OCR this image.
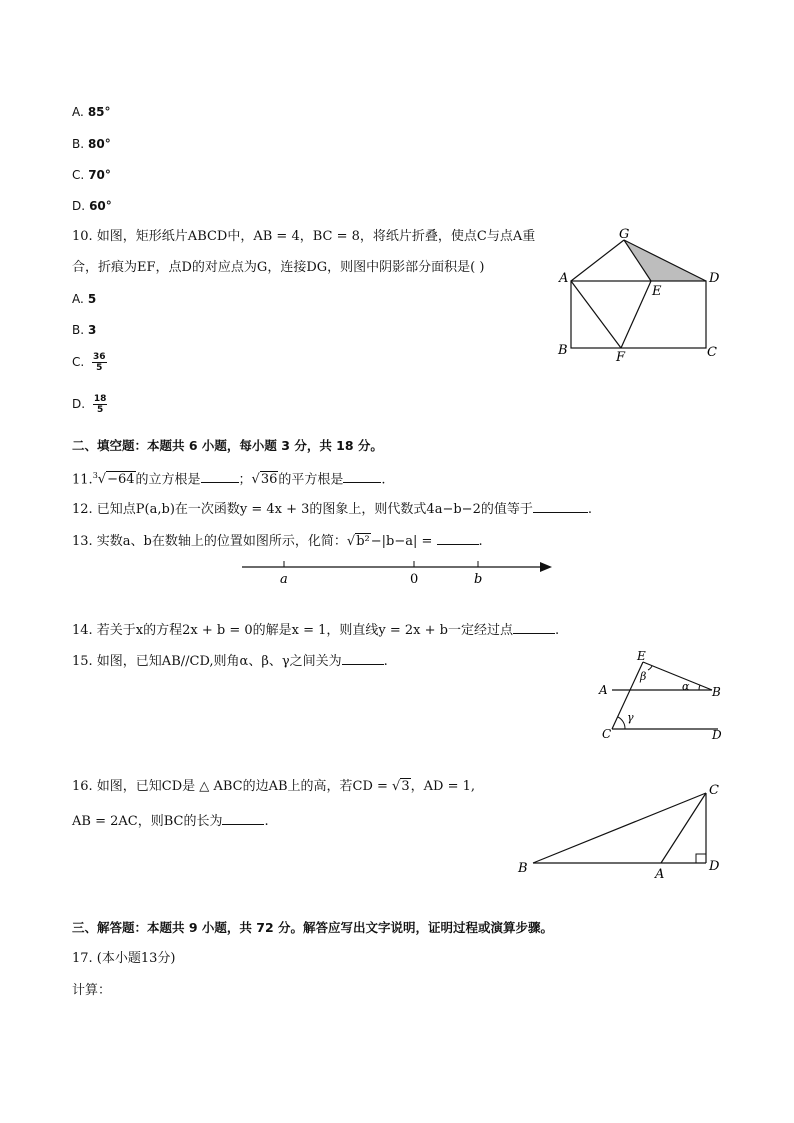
A. 85°
B. 80°
C. 70°
D. 60°
10. 如图，矩形纸片ABCD中，AB = 4，BC = 8，将纸片折叠，使点C与点A重
合，折痕为EF，点D的对应点为G，连接DG，则图中阴影部分面积是( )
A. 5
B. 3
C. $\frac{36}{5}$
D. $\frac{18}{5}$
G
A
E
D
B	F	C
二、填空题：本题共 6 小题，每小题 3 分，共 18 分。
11.$^3$√−64的立方根是	；√36的平方根是	.
12. 已知点P(a,b)在一次函数y = 4x + 3的图象上，则代数式4a−b−2的值等于	.
13. 实数a、b在数轴上的位置如图所示，化简：√b²−|b−a| =	.
a	0	b
14. 若关于x的方程2x + b = 0的解是x = 1，则直线y = 2x + b一定经过点	.
15. 如图，已知AB//CD,则角α、β、γ之间关为	.	E
A	B
C	D
α
β
γ
16. 如图，已知CD是 △ ABC的边AB上的高，若CD = √3，AD = 1,
AB = 2AC，则BC的长为	.
C
B	A
D
三、解答题：本题共 9 小题，共 72 分。解答应写出文字说明，证明过程或演算步骤。
17. (本小题13分)
计算：
